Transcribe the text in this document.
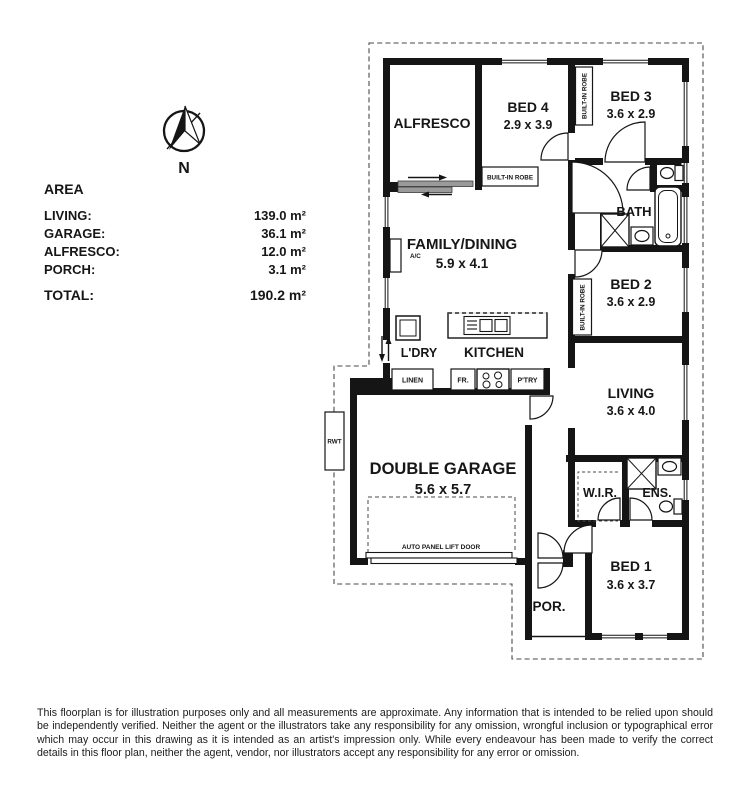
ALFRESCO
BED 4
2.9 x 3.9
BED 3
3.6 x 2.9
BATH
FAMILY/DINING
5.9 x 4.1
BED 2
3.6 x 2.9
L'DRY KITCHEN
LIVING
3.6 x 4.0
DOUBLE GARAGE
5.6 x 5.7	W.I.R. ENS.
BED 1
3.6 x 3.7
POR.
AUTO PANEL LIFT DOOR
LINEN	FR.	P'TRY
BUILT-IN ROBE
BUILT-IN ROBE
BUILT-IN ROBE
A/C
RWT
N
AREA
LIVING:	139.0 m²
GARAGE:	36.1 m²
ALFRESCO:	12.0 m²
PORCH:	3.1 m²
TOTAL:	190.2 m²

This floorplan is for illustration purposes only and all measurements are approximate. Any information that is intended to be relied upon should be independently verified. Neither the agent or the illustrators take any responsibility for any omission, wrongful inclusion or typographical error which may occur in this drawing as it is intended as an artist's impression only. While every endeavour has been made to verify the correct details in this floor plan, neither the agent, vendor, nor illustrators accept any responsibility for any error or omission.
